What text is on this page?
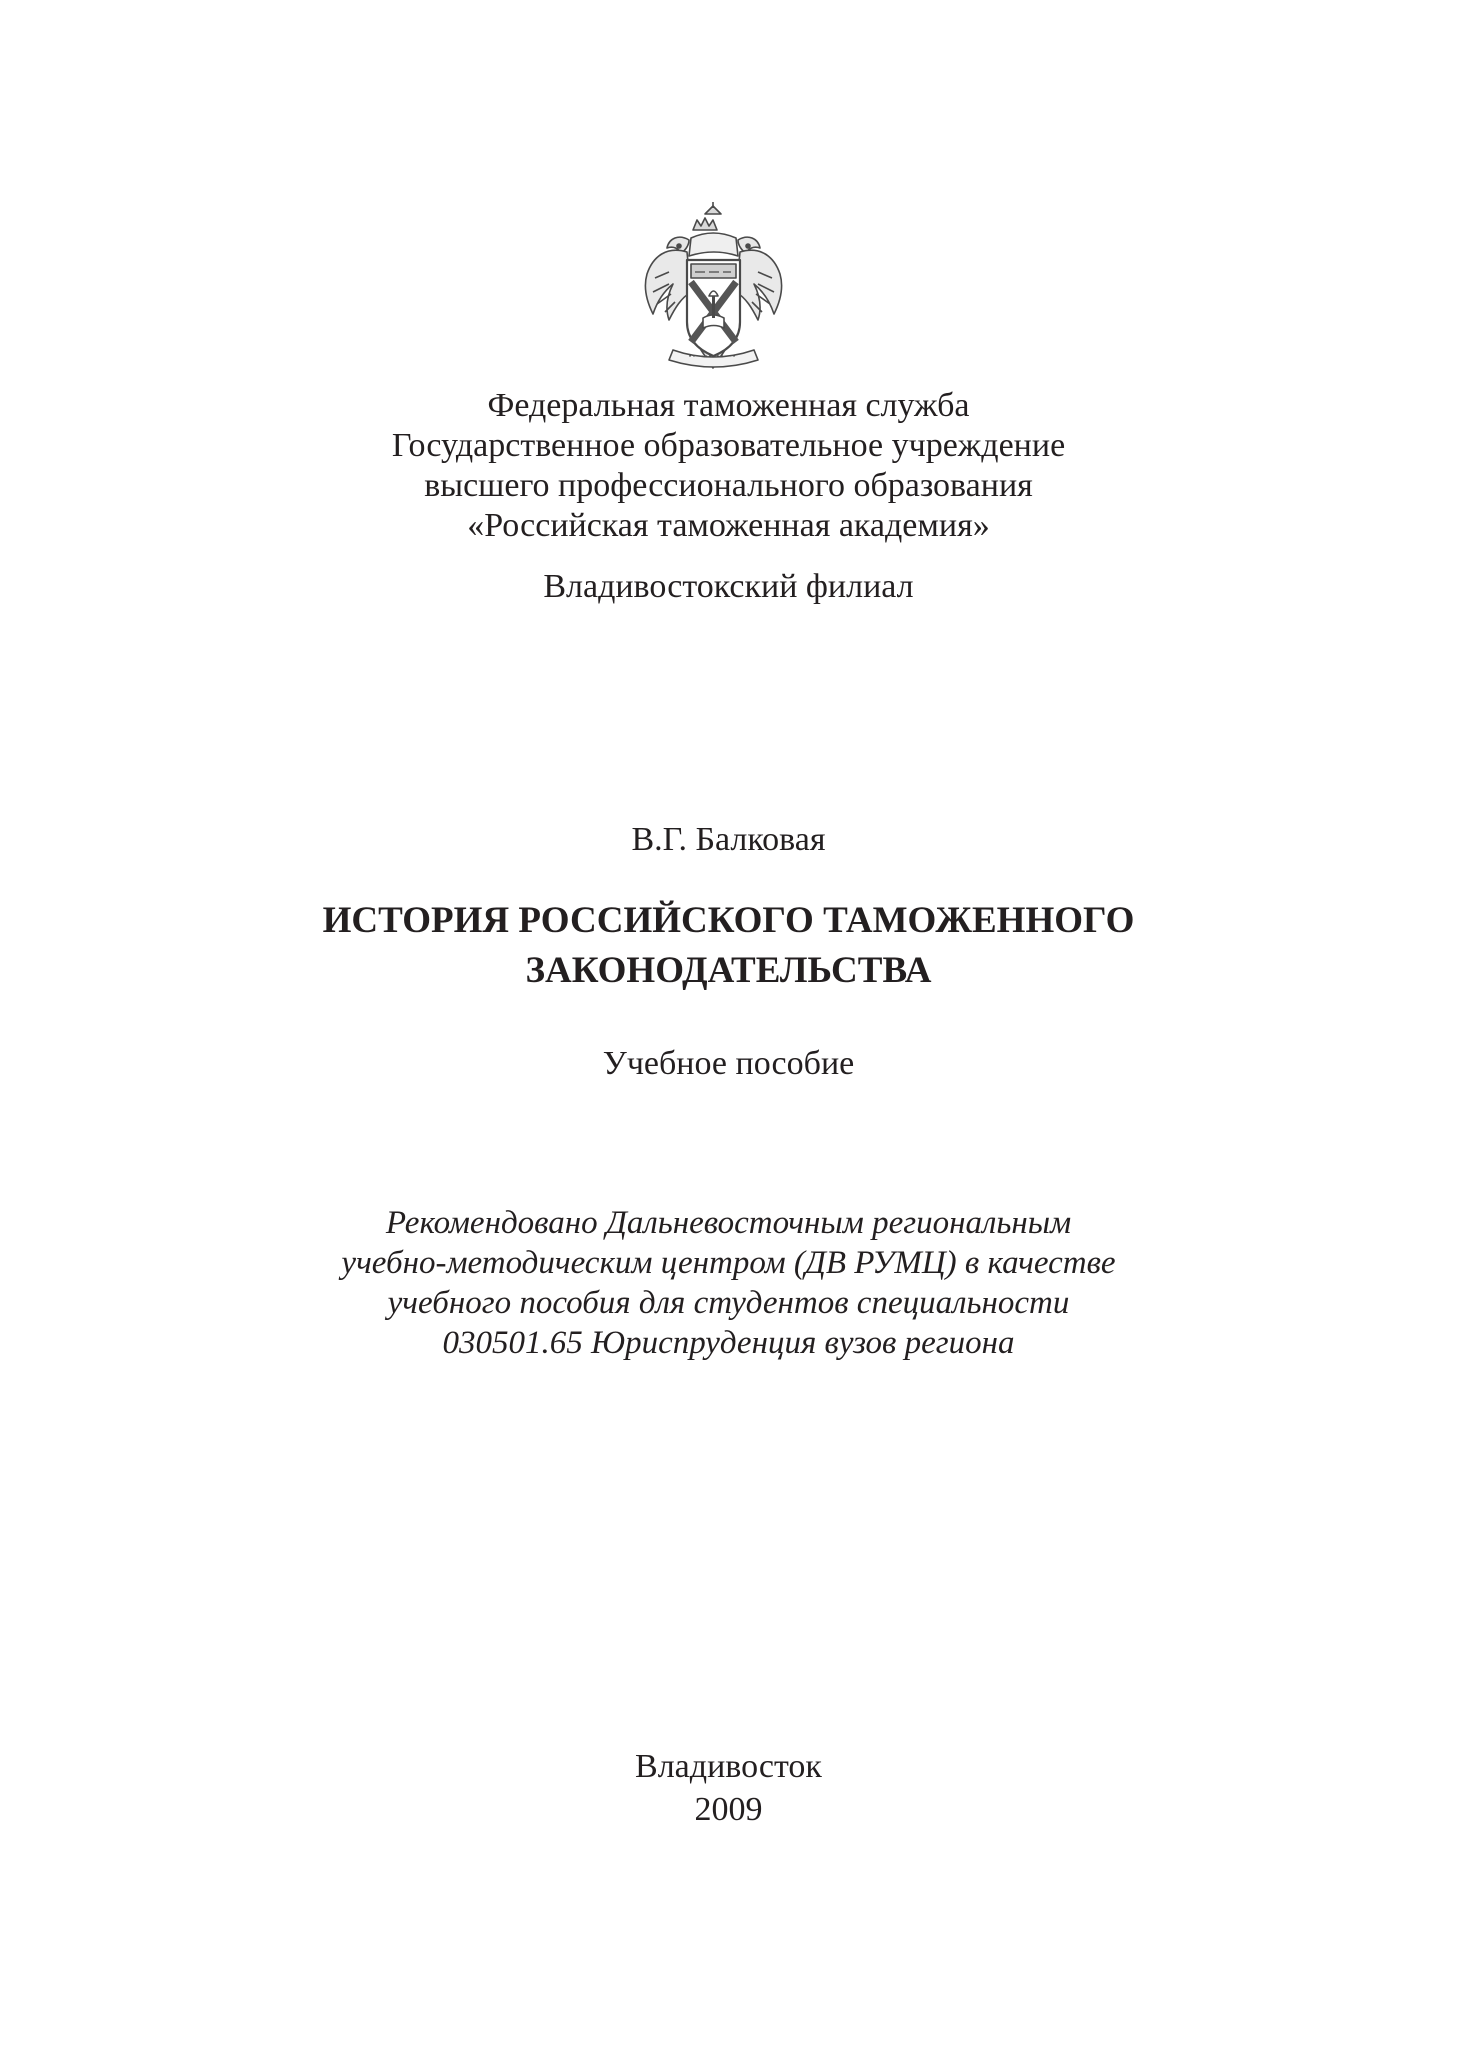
Федеральная таможенная служба
Государственное образовательное учреждение
высшего профессионального образования
«Российская таможенная академия»
Владивостокский филиал
В.Г. Балковая
ИСТОРИЯ РОССИЙСКОГО ТАМОЖЕННОГО
ЗАКОНОДАТЕЛЬСТВА
Учебное пособие
Рекомендовано Дальневосточным региональным
учебно-методическим центром (ДВ РУМЦ) в качестве
учебного пособия для студентов специальности
030501.65 Юриспруденция вузов региона
Владивосток
2009
